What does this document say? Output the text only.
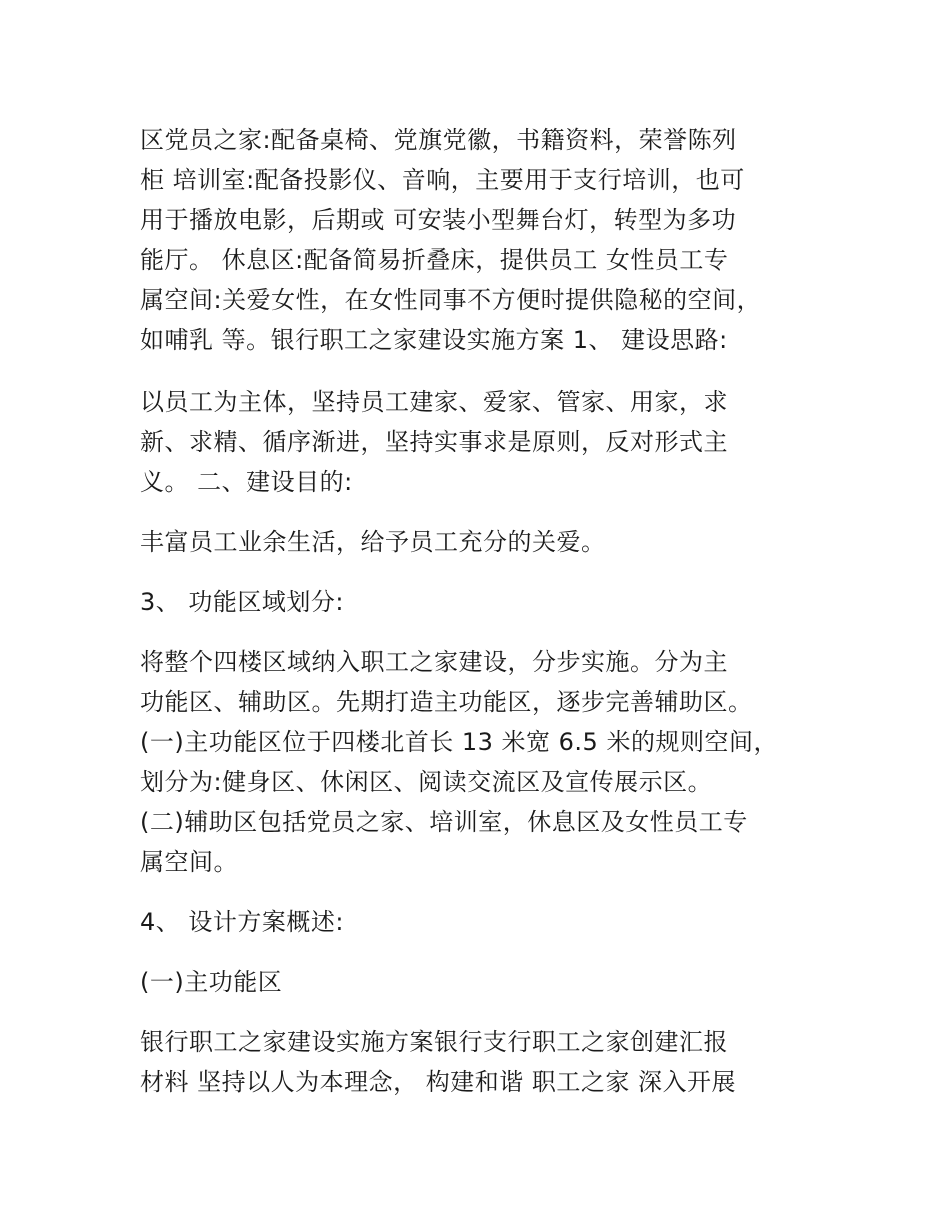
区党员之家:配备桌椅、党旗党徽，书籍资料，荣誉陈列
柜 培训室:配备投影仪、音响，主要用于支行培训，也可
用于播放电影，后期或 可安装小型舞台灯，转型为多功
能厅。 休息区:配备简易折叠床，提供员工 女性员工专
属空间:关爱女性，在女性同事不方便时提供隐秘的空间，
如哺乳 等。银行职工之家建设实施方案 1、 建设思路:

以员工为主体，坚持员工建家、爱家、管家、用家，求
新、求精、循序渐进，坚持实事求是原则，反对形式主
义。 二、建设目的:

丰富员工业余生活，给予员工充分的关爱。

3、 功能区域划分:

将整个四楼区域纳入职工之家建设，分步实施。分为主
功能区、辅助区。先期打造主功能区，逐步完善辅助区。
(一)主功能区位于四楼北首长 13 米宽 6.5 米的规则空间，
划分为:健身区、休闲区、阅读交流区及宣传展示区。
(二)辅助区包括党员之家、培训室，休息区及女性员工专
属空间。

4、 设计方案概述:

(一)主功能区

银行职工之家建设实施方案银行支行职工之家创建汇报
材料 坚持以人为本理念， 构建和谐 职工之家 深入开展
